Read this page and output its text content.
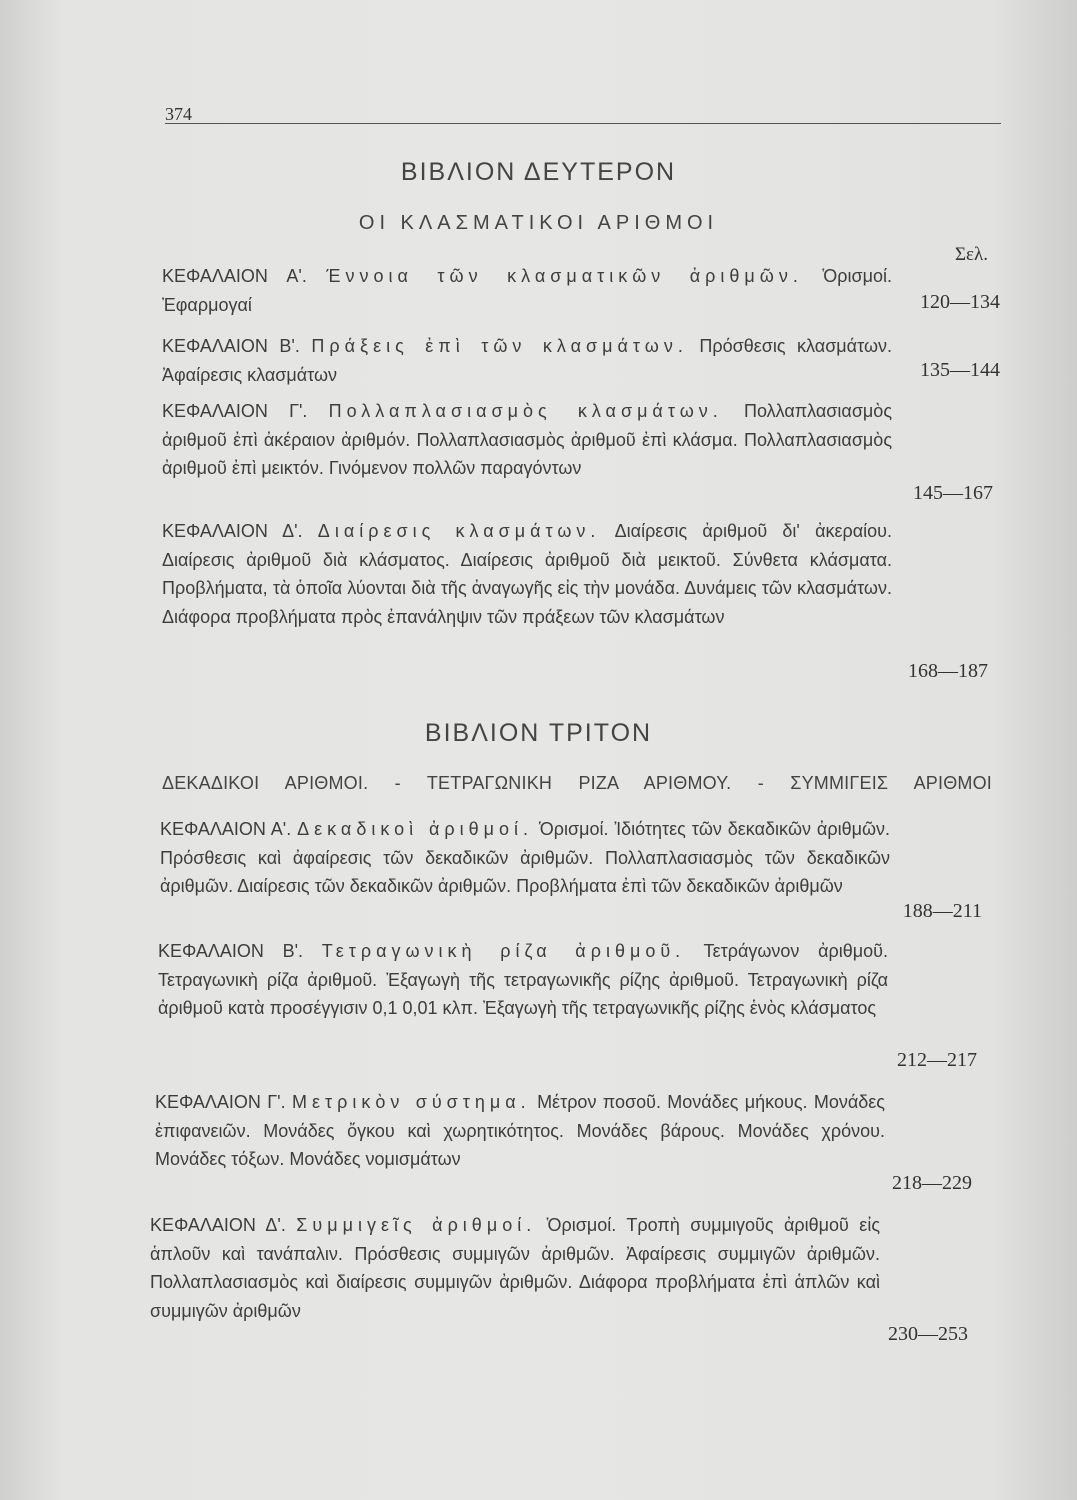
374
ΒΙΒΛΙΟΝ ΔΕΥΤΕΡΟΝ
ΟΙ ΚΛΑΣΜΑΤΙΚΟΙ ΑΡΙΘΜΟΙ
Σελ.
ΚΕΦΑΛΑΙΟΝ Α'. Έννοια τῶν κλασματικῶν ἀριθμῶν. Ὁρισμοί. Ἐφαρμογαί	120—134
ΚΕΦΑΛΑΙΟΝ Β'. Πράξεις ἐπὶ τῶν κλασμάτων. Πρόσθεσις κλασμάτων. Ἀφαίρεσις κλασμάτων	135—144
ΚΕΦΑΛΑΙΟΝ Γ'. Πολλαπλασιασμὸς κλασμάτων. Πολλαπλασιασμὸς ἀριθμοῦ ἐπὶ ἀκέραιον ἀριθμόν. Πολλαπλασιασμὸς ἀριθμοῦ ἐπὶ κλάσμα. Πολλαπλασιασμὸς ἀριθμοῦ ἐπὶ μεικτόν. Γινόμενον πολλῶν παραγόντων
145—167
ΚΕΦΑΛΑΙΟΝ Δ'. Διαίρεσις κλασμάτων. Διαίρεσις ἀριθμοῦ δι' ἀκεραίου. Διαίρεσις ἀριθμοῦ διὰ κλάσματος. Διαίρεσις ἀριθμοῦ διὰ μεικτοῦ. Σύνθετα κλάσματα. Προβλήματα, τὰ ὁποῖα λύονται διὰ τῆς ἀναγωγῆς εἰς τὴν μονάδα. Δυνάμεις τῶν κλασμάτων. Διάφορα προβλήματα πρὸς ἐπανάληψιν τῶν πράξεων τῶν κλασμάτων
168—187
ΒΙΒΛΙΟΝ ΤΡΙΤΟΝ
ΔΕΚΑΔΙΚΟΙ ΑΡΙΘΜΟΙ. - ΤΕΤΡΑΓΩΝΙΚΗ ΡΙΖΑ ΑΡΙΘΜΟΥ. - ΣΥΜΜΙΓΕΙΣ ΑΡΙΘΜΟΙ
ΚΕΦΑΛΑΙΟΝ Α'. Δεκαδικοὶ ἀριθμοί. Ὁρισμοί. Ἰδιότητες τῶν δεκαδικῶν ἀριθμῶν. Πρόσθεσις καὶ ἀφαίρεσις τῶν δεκαδικῶν ἀριθμῶν. Πολλαπλασιασμὸς τῶν δεκαδικῶν ἀριθμῶν. Διαίρεσις τῶν δεκαδικῶν ἀριθμῶν. Προβλήματα ἐπὶ τῶν δεκαδικῶν ἀριθμῶν
188—211
ΚΕΦΑΛΑΙΟΝ Β'. Τετραγωνικὴ ρίζα ἀριθμοῦ. Τετράγωνον ἀριθμοῦ. Τετραγωνικὴ ρίζα ἀριθμοῦ. Ἐξαγωγὴ τῆς τετραγωνικῆς ρίζης ἀριθμοῦ. Τετραγωνικὴ ρίζα ἀριθμοῦ κατὰ προσέγγισιν 0,1 0,01 κλπ. Ἐξαγωγὴ τῆς τετραγωνικῆς ρίζης ἑνὸς κλάσματος
212—217
ΚΕΦΑΛΑΙΟΝ Γ'. Μετρικὸν σύστημα. Μέτρον ποσοῦ. Μονάδες μήκους. Μονάδες ἐπιφανειῶν. Μονάδες ὄγκου καὶ χωρητικότητος. Μονάδες βάρους. Μονάδες χρόνου. Μονάδες τόξων. Μονάδες νομισμάτων
218—229
ΚΕΦΑΛΑΙΟΝ Δ'. Συμμιγεῖς ἀριθμοί. Ὁρισμοί. Τροπὴ συμμιγοῦς ἀριθμοῦ εἰς ἁπλοῦν καὶ τανάπαλιν. Πρόσθεσις συμμιγῶν ἀριθμῶν. Ἀφαίρεσις συμμιγῶν ἀριθμῶν. Πολλαπλασιασμὸς καὶ διαίρεσις συμμιγῶν ἀριθμῶν. Διάφορα προβλήματα ἐπὶ ἁπλῶν καὶ συμμιγῶν ἀριθμῶν
230—253
